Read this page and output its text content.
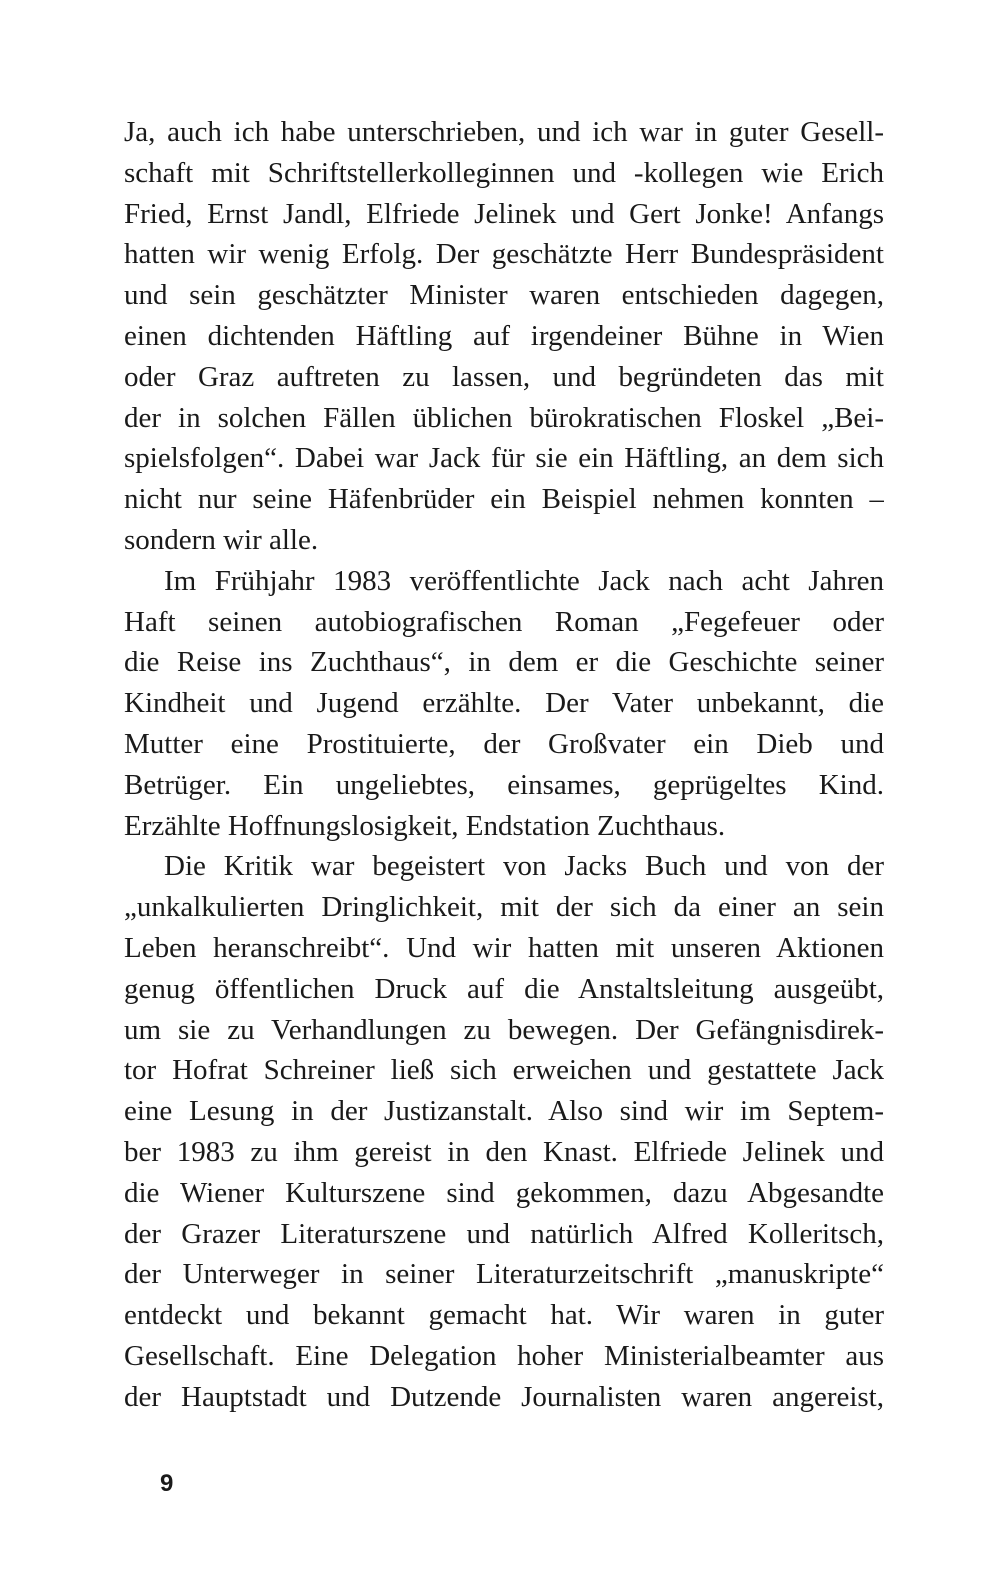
Ja, auch ich habe unterschrieben, und ich war in guter Gesell-
schaft mit Schriftstellerkolleginnen und -kollegen wie Erich
Fried, Ernst Jandl, Elfriede Jelinek und Gert Jonke! Anfangs
hatten wir wenig Erfolg. Der geschätzte Herr Bundespräsident
und sein geschätzter Minister waren entschieden dagegen,
einen dichtenden Häftling auf irgendeiner Bühne in Wien
oder Graz auftreten zu lassen, und begründeten das mit
der in solchen Fällen üblichen bürokratischen Floskel „Bei-
spielsfolgen“. Dabei war Jack für sie ein Häftling, an dem sich
nicht nur seine Häfenbrüder ein Beispiel nehmen konnten –
sondern wir alle.
Im Frühjahr 1983 veröffentlichte Jack nach acht Jahren
Haft seinen autobiografischen Roman „Fegefeuer oder
die Reise ins Zuchthaus“, in dem er die Geschichte seiner
Kindheit und Jugend erzählte. Der Vater unbekannt, die
Mutter eine Prostituierte, der Großvater ein Dieb und
Betrüger. Ein ungeliebtes, einsames, geprügeltes Kind.
Erzählte Hoffnungslosigkeit, Endstation Zuchthaus.
Die Kritik war begeistert von Jacks Buch und von der
„unkalkulierten Dringlichkeit, mit der sich da einer an sein
Leben heranschreibt“. Und wir hatten mit unseren Aktionen
genug öffentlichen Druck auf die Anstaltsleitung ausgeübt,
um sie zu Verhandlungen zu bewegen. Der Gefängnisdirek-
tor Hofrat Schreiner ließ sich erweichen und gestattete Jack
eine Lesung in der Justizanstalt. Also sind wir im Septem-
ber 1983 zu ihm gereist in den Knast. Elfriede Jelinek und
die Wiener Kulturszene sind gekommen, dazu Abgesandte
der Grazer Literaturszene und natürlich Alfred Kolleritsch,
der Unterweger in seiner Literaturzeitschrift „manuskripte“
entdeckt und bekannt gemacht hat. Wir waren in guter
Gesellschaft. Eine Delegation hoher Ministerialbeamter aus
der Hauptstadt und Dutzende Journalisten waren angereist,
9
